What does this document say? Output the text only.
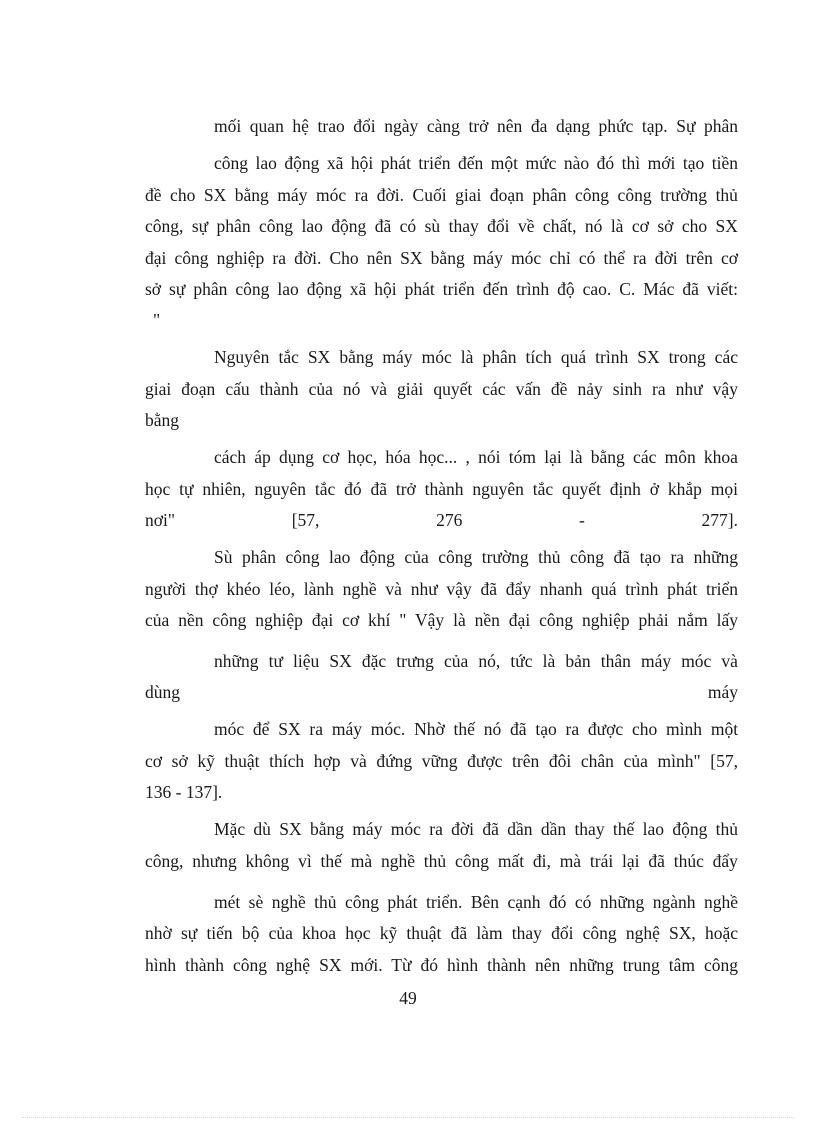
mối quan hệ trao đổi ngày càng trở nên đa dạng phức tạp. Sự phân
công lao động xã hội phát triển đến một mức nào đó thì mới tạo tiền
đề cho SX bằng máy móc ra đời. Cuối giai đoạn phân công công trường thủ
công, sự phân công lao động đã có sù thay đổi về chất, nó là cơ sở cho SX
đại công nghiệp ra đời. Cho nên SX bằng máy móc chỉ có thể ra đời trên cơ
sở sự phân công lao động xã hội phát triển đến trình độ cao. C. Mác đã viết:
"
Nguyên tắc SX bằng máy móc là phân tích quá trình SX trong các
giai đoạn cấu thành của nó và giải quyết các vấn đề nảy sinh ra như vậy
bằng
cách áp dụng cơ học, hóa học... , nói tóm lại là bằng các môn khoa
học tự nhiên, nguyên tắc đó đã trở thành nguyên tắc quyết định ở khắp mọi
nơi"	[57,	276	-	277].
Sù phân công lao động của công trường thủ công đã tạo ra những
người thợ khéo léo, lành nghề và như vậy đã đẩy nhanh quá trình phát triển
của nền công nghiệp đại cơ khí " Vậy là nền đại công nghiệp phải nắm lấy
những tư liệu SX đặc trưng của nó, tức là bản thân máy móc và
dùng	máy
móc để SX ra máy móc. Nhờ thế nó đã tạo ra được cho mình một
cơ sở kỹ thuật thích hợp và đứng vững được trên đôi chân của mình" [57,
136 - 137].
Mặc dù SX bằng máy móc ra đời đã dần dần thay thế lao động thủ
công, nhưng không vì thế mà nghề thủ công mất đi, mà trái lại đã thúc đẩy
mét sè nghề thủ công phát triển. Bên cạnh đó có những ngành nghề
nhờ sự tiến bộ của khoa học kỹ thuật đã làm thay đổi công nghệ SX, hoặc
hình thành công nghệ SX mới. Từ đó hình thành nên những trung tâm công
49
